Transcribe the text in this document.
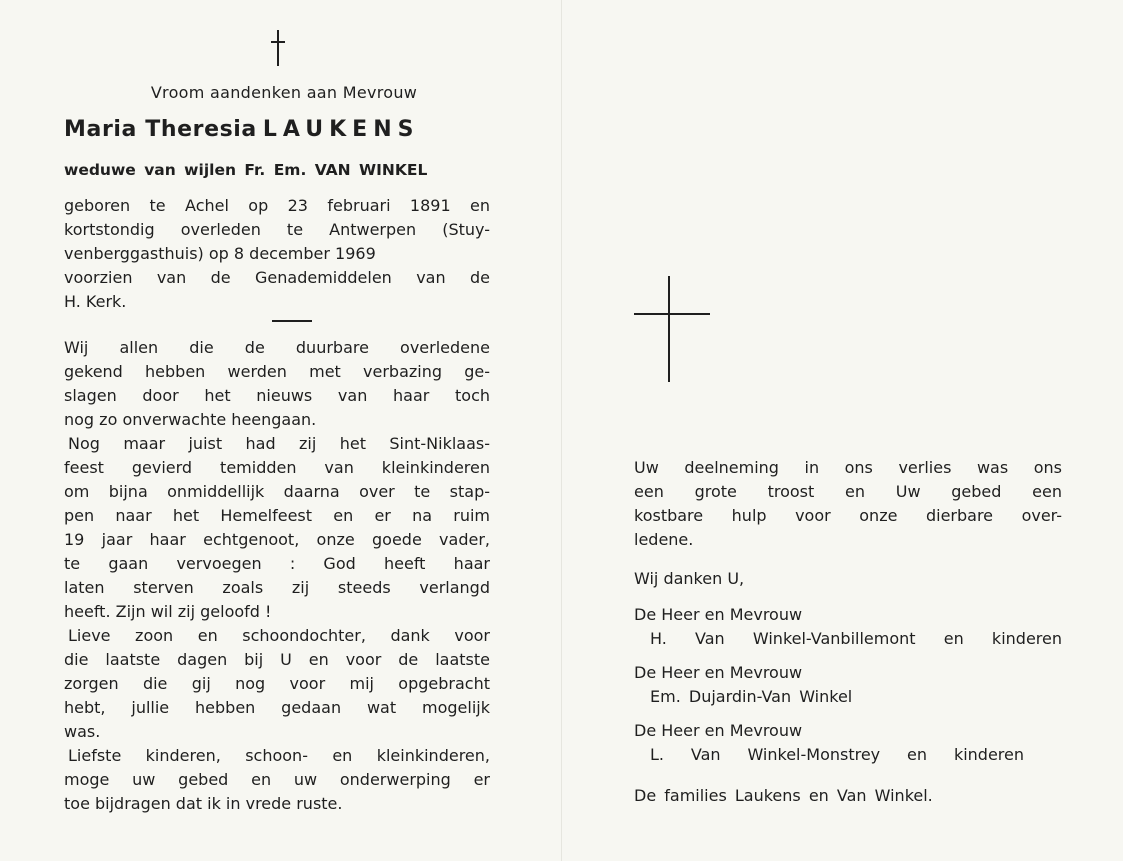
Vroom aandenken aan Mevrouw
Maria Theresia LAUKENS
weduwe van wijlen Fr. Em. VAN WINKEL
geboren te Achel op 23 februari 1891 en
kortstondig overleden te Antwerpen (Stuy-
venberggasthuis) op 8 december 1969
voorzien van de Genademiddelen van de
H. Kerk.
Wij allen die de duurbare overledene
gekend hebben werden met verbazing ge-
slagen door het nieuws van haar toch
nog zo onverwachte heengaan.
Nog maar juist had zij het Sint-Niklaas-
feest gevierd temidden van kleinkinderen
om bijna onmiddellijk daarna over te stap-
pen naar het Hemelfeest en er na ruim
19 jaar haar echtgenoot, onze goede vader,
te gaan vervoegen : God heeft haar
laten sterven zoals zij steeds verlangd
heeft. Zijn wil zij geloofd !
Lieve zoon en schoondochter, dank voor
die laatste dagen bij U en voor de laatste
zorgen die gij nog voor mij opgebracht
hebt, jullie hebben gedaan wat mogelijk
was.
Liefste kinderen, schoon- en kleinkinderen,
moge uw gebed en uw onderwerping er
toe bijdragen dat ik in vrede ruste.
Uw deelneming in ons verlies was ons
een grote troost en Uw gebed een
kostbare hulp voor onze dierbare over-
ledene.
Wij danken U,
De Heer en Mevrouw
H. Van Winkel-Vanbillemont en kinderen
De Heer en Mevrouw
Em. Dujardin-Van Winkel
De Heer en Mevrouw
L. Van Winkel-Monstrey en kinderen
De families Laukens en Van Winkel.
